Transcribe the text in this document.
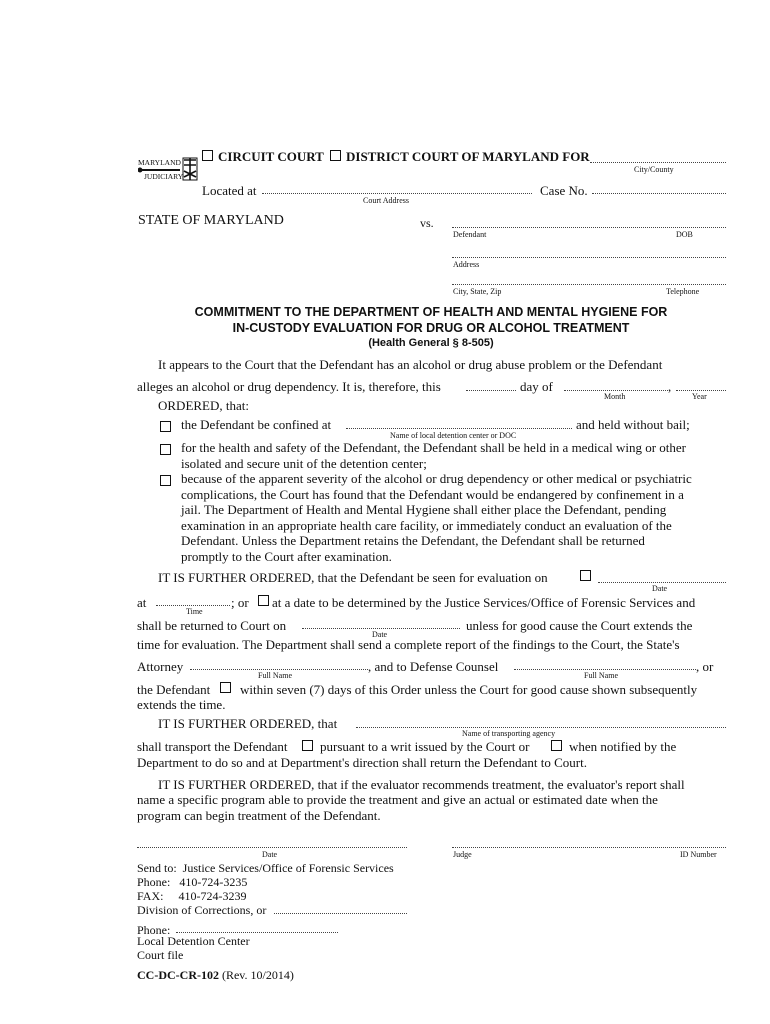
MARYLAND
JUDICIARY
CIRCUIT COURT DISTRICT COURT OF MARYLAND FOR
City/County
Located at
Court Address
Case No.
STATE OF MARYLAND	vs.
Defendant	DOB
Address
City, State, Zip	Telephone
COMMITMENT TO THE DEPARTMENT OF HEALTH AND MENTAL HYGIENE FOR
IN-CUSTODY EVALUATION FOR DRUG OR ALCOHOL TREATMENT
(Health General § 8-505)
It appears to the Court that the Defendant has an alcohol or drug abuse problem or the Defendant
alleges an alcohol or drug dependency. It is, therefore, this	day of	,
Month	Year
ORDERED, that:
the Defendant be confined at	and held without bail;
Name of local detention center or DOC
for the health and safety of the Defendant, the Defendant shall be held in a medical wing or other
isolated and secure unit of the detention center;
because of the apparent severity of the alcohol or drug dependency or other medical or psychiatric
complications, the Court has found that the Defendant would be endangered by confinement in a
jail. The Department of Health and Mental Hygiene shall either place the Defendant, pending
examination in an appropriate health care facility, or immediately conduct an evaluation of the
Defendant. Unless the Department retains the Defendant, the Defendant shall be returned
promptly to the Court after examination.
IT IS FURTHER ORDERED, that the Defendant be seen for evaluation on
Date
at	; or at a date to be determined by the Justice Services/Office of Forensic Services and
Time
shall be returned to Court on	unless for good cause the Court extends the
Date
time for evaluation. The Department shall send a complete report of the findings to the Court, the State's
Attorney	, and to Defense Counsel	, or
Full Name	Full Name
the Defendant within seven (7) days of this Order unless the Court for good cause shown subsequently
extends the time.
IT IS FURTHER ORDERED, that
Name of transporting agency
shall transport the Defendant pursuant to a writ issued by the Court or	when notified by the
Department to do so and at Department's direction shall return the Defendant to Court.
IT IS FURTHER ORDERED, that if the evaluator recommends treatment, the evaluator's report shall
name a specific program able to provide the treatment and give an actual or estimated date when the
program can begin treatment of the Defendant.
Date	Judge	ID Number
Send to:  Justice Services/Office of Forensic Services
Phone:   410-724-3235
FAX:     410-724-3239
Division of Corrections, or
Phone:
Local Detention Center
Court file
CC-DC-CR-102 (Rev. 10/2014)
